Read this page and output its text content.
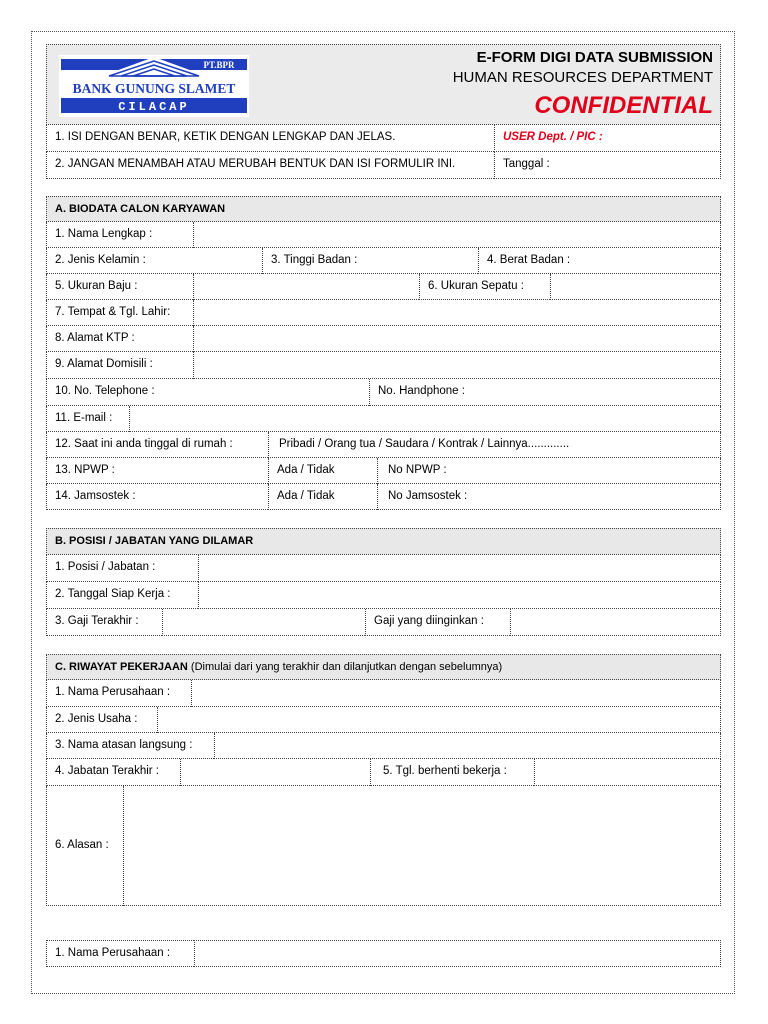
PT.BPR
BANK GUNUNG SLAMET
CILACAP
E-FORM DIGI DATA SUBMISSION
HUMAN RESOURCES DEPARTMENT
CONFIDENTIAL
1. ISI DENGAN BENAR, KETIK DENGAN LENGKAP DAN JELAS.	USER Dept. / PIC :
2. JANGAN MENAMBAH ATAU MERUBAH BENTUK DAN ISI FORMULIR INI.	Tanggal :
A. BIODATA CALON KARYAWAN
1. Nama Lengkap :
2. Jenis Kelamin :	3. Tinggi Badan :	4. Berat Badan :
5. Ukuran Baju :	6. Ukuran Sepatu :
7. Tempat & Tgl. Lahir:
8. Alamat KTP :
9. Alamat Domisili :
10. No. Telephone :	No. Handphone :
11. E-mail :
12. Saat ini anda tinggal di rumah :	Pribadi / Orang tua / Saudara / Kontrak / Lainnya.............
13. NPWP :	Ada / Tidak	No NPWP :
14. Jamsostek :	Ada / Tidak	No Jamsostek :
B. POSISI / JABATAN YANG DILAMAR
1. Posisi / Jabatan :
2. Tanggal Siap Kerja :
3. Gaji Terakhir :	Gaji yang diinginkan :
C. RIWAYAT PEKERJAAN
(Dimulai dari yang terakhir dan dilanjutkan dengan sebelumnya)
1. Nama Perusahaan :
2. Jenis Usaha :
3. Nama atasan langsung :
4. Jabatan Terakhir :	5. Tgl. berhenti bekerja :
6. Alasan :
1. Nama Perusahaan :
